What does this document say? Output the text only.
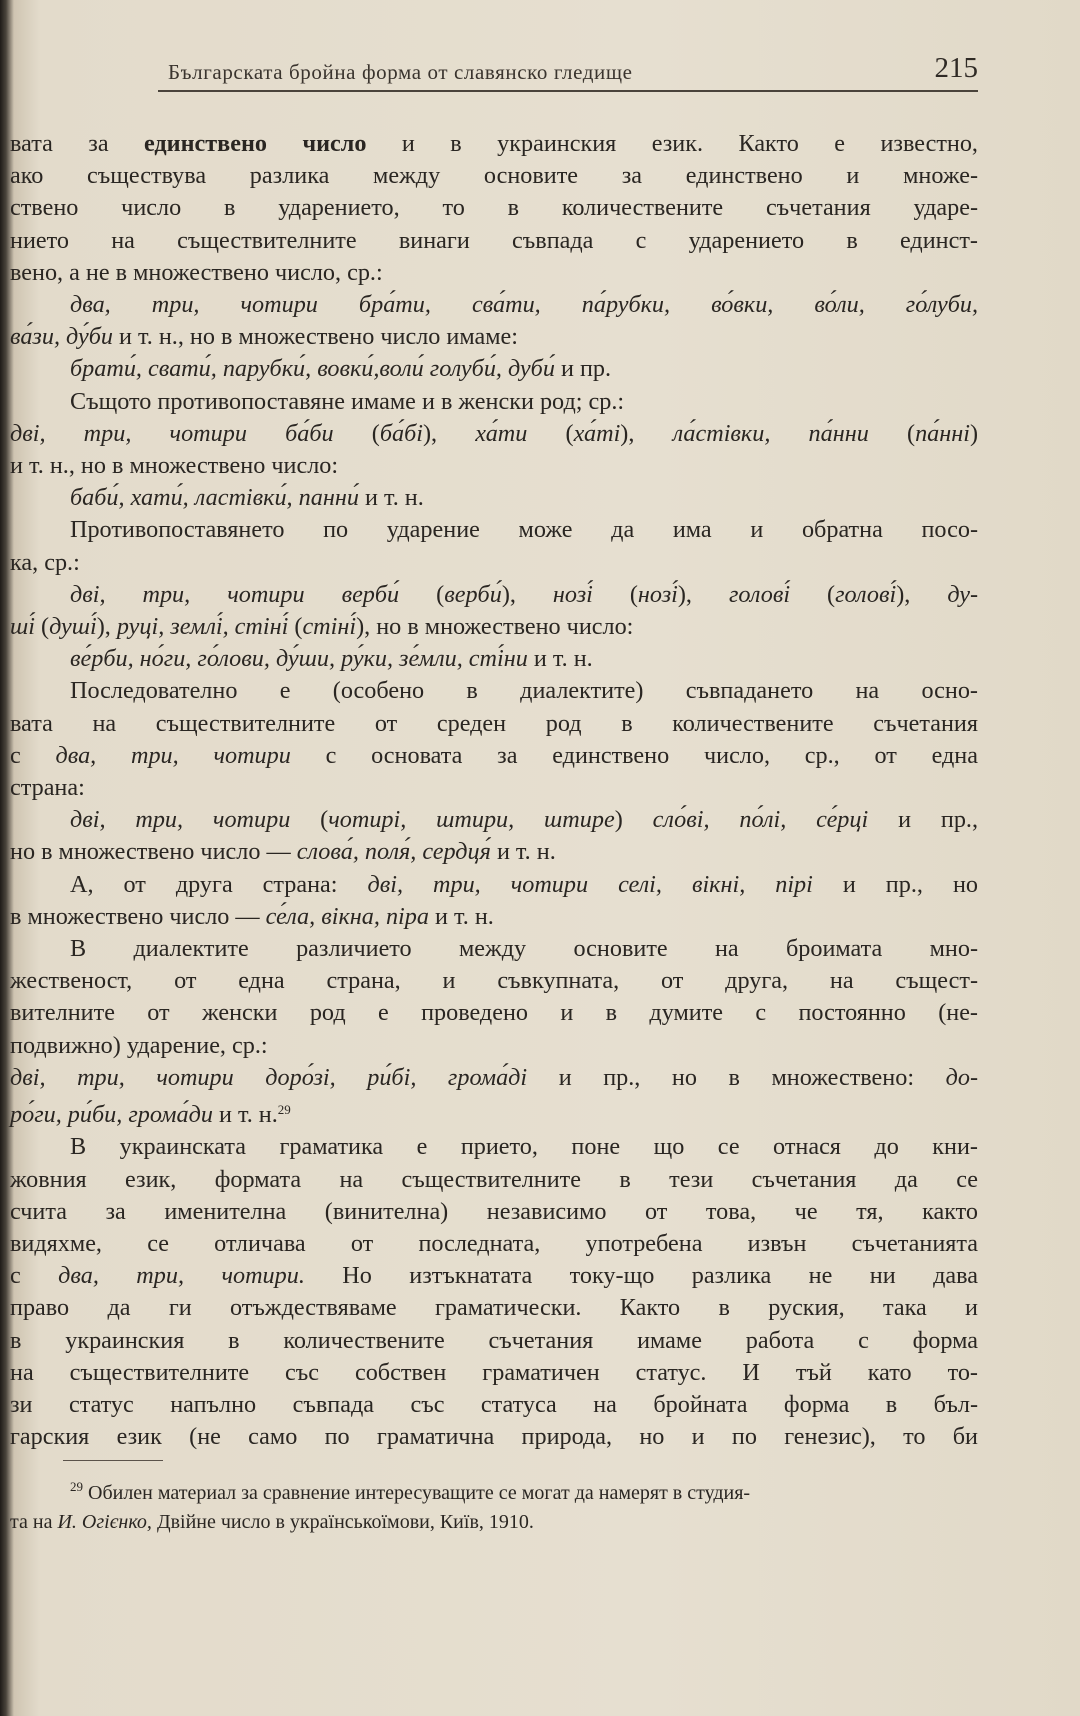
Българската бройна форма от славянско гледище	215

вата за единствено число и в украинския език. Както е известно,

ако съществува разлика между основите за единствено и множе-

ствено число в ударението, то в количествените съчетания ударе-

нието на съществителните винаги съвпада с ударението в единст-

вено, а не в множествено число, ср.:

два, три, чотири бра́ти, сва́ти, па́рубки, во́вки, во́ли, го́луби,

ва́зи, ду́би и т. н., но в множествено число имаме:

брати́, свати́, парубки́, вовки́,воли́ голуби́, дуби́ и пр.

Същото противопоставяне имаме и в женски род; ср.:

дві, три, чотири ба́би (ба́бі), ха́ти (ха́ті), ла́стівки, па́нни (па́нні)

и т. н., но в множествено число:

баби́, хати́, ластівки́, панни́ и т. н.

Противопоставянето по ударение може да има и обратна посо-

ка, ср.:

дві, три, чотири верби́ (верби́), нозі́ (нозі́), голові́ (голові́), ду-

ші́ (душі́), руці, землі́, стіні́ (стіні́), но в множествено число:

ве́рби, но́ги, го́лови, ду́ши, ру́ки, зе́мли, сті́ни и т. н.

Последователно е (особено в диалектите) съвпадането на осно-

вата на съществителните от среден род в количествените съчетания

с два, три, чотири с основата за единствено число, ср., от една

страна:

дві, три, чотири (чотирі, штири, штире) сло́ві, по́лі, се́рці и пр.,

но в множествено число — слова́, поля́, сердця́ и т. н.

А, от друга страна: дві, три, чотири селі, вікні, пірі и пр., но

в множествено число — се́ла, вікна, піра и т. н.

В диалектите различието между основите на броимата мно-

жественост, от една страна, и съвкупната, от друга, на същест-

вителните от женски род е проведено и в думите с постоянно (не-

подвижно) ударение, ср.:

дві, три, чотири доро́зі, ри́бі, грома́ді и пр., но в множествено: до-

ро́ги, ри́би, грома́ди и т. н.$^{29}$

В украинската граматика е прието, поне що се отнася до кни-

жовния език, формата на съществителните в тези съчетания да се

счита за именителна (винителна) независимо от това, че тя, както

видяхме, се отличава от последната, употребена извън съчетанията

с два, три, чотири. Но изтъкнатата току-що разлика не ни дава

право да ги отъждествяваме граматически. Както в руския, така и

в украинския в количествените съчетания имаме работа с форма

на съществителните със собствен граматичен статус. И тъй като то-

зи статус напълно съвпада със статуса на бройната форма в бъл-

гарския език (не само по граматична природа, но и по генезис), то би

$^{29}$ Обилен материал за сравнение интересуващите се могат да намерят в студия-

та на И. Огієнко, Двійне число в українськоїмови, Київ, 1910.
